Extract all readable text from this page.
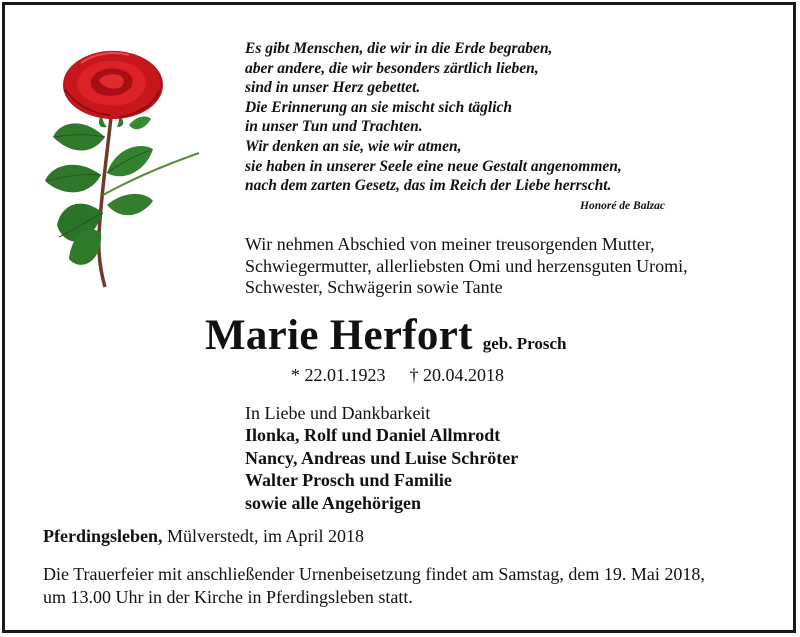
Es gibt Menschen, die wir in die Erde begraben,
aber andere, die wir besonders zärtlich lieben,
sind in unser Herz gebettet.
Die Erinnerung an sie mischt sich täglich
in unser Tun und Trachten.
Wir denken an sie, wie wir atmen,
sie haben in unserer Seele eine neue Gestalt angenommen,
nach dem zarten Gesetz, das im Reich der Liebe herrscht.
Honoré de Balzac
Wir nehmen Abschied von meiner treusorgenden Mutter,
Schwiegermutter, allerliebsten Omi und herzensguten Uromi,
Schwester, Schwägerin sowie Tante
Marie Herfort geb. Prosch
* 22.01.1923 † 20.04.2018
In Liebe und Dankbarkeit
Ilonka, Rolf und Daniel Allmrodt
Nancy, Andreas und Luise Schröter
Walter Prosch und Familie
sowie alle Angehörigen
Pferdingsleben, Mülverstedt, im April 2018
Die Trauerfeier mit anschließender Urnenbeisetzung findet am Samstag, dem 19. Mai 2018,
um 13.00 Uhr in der Kirche in Pferdingsleben statt.
